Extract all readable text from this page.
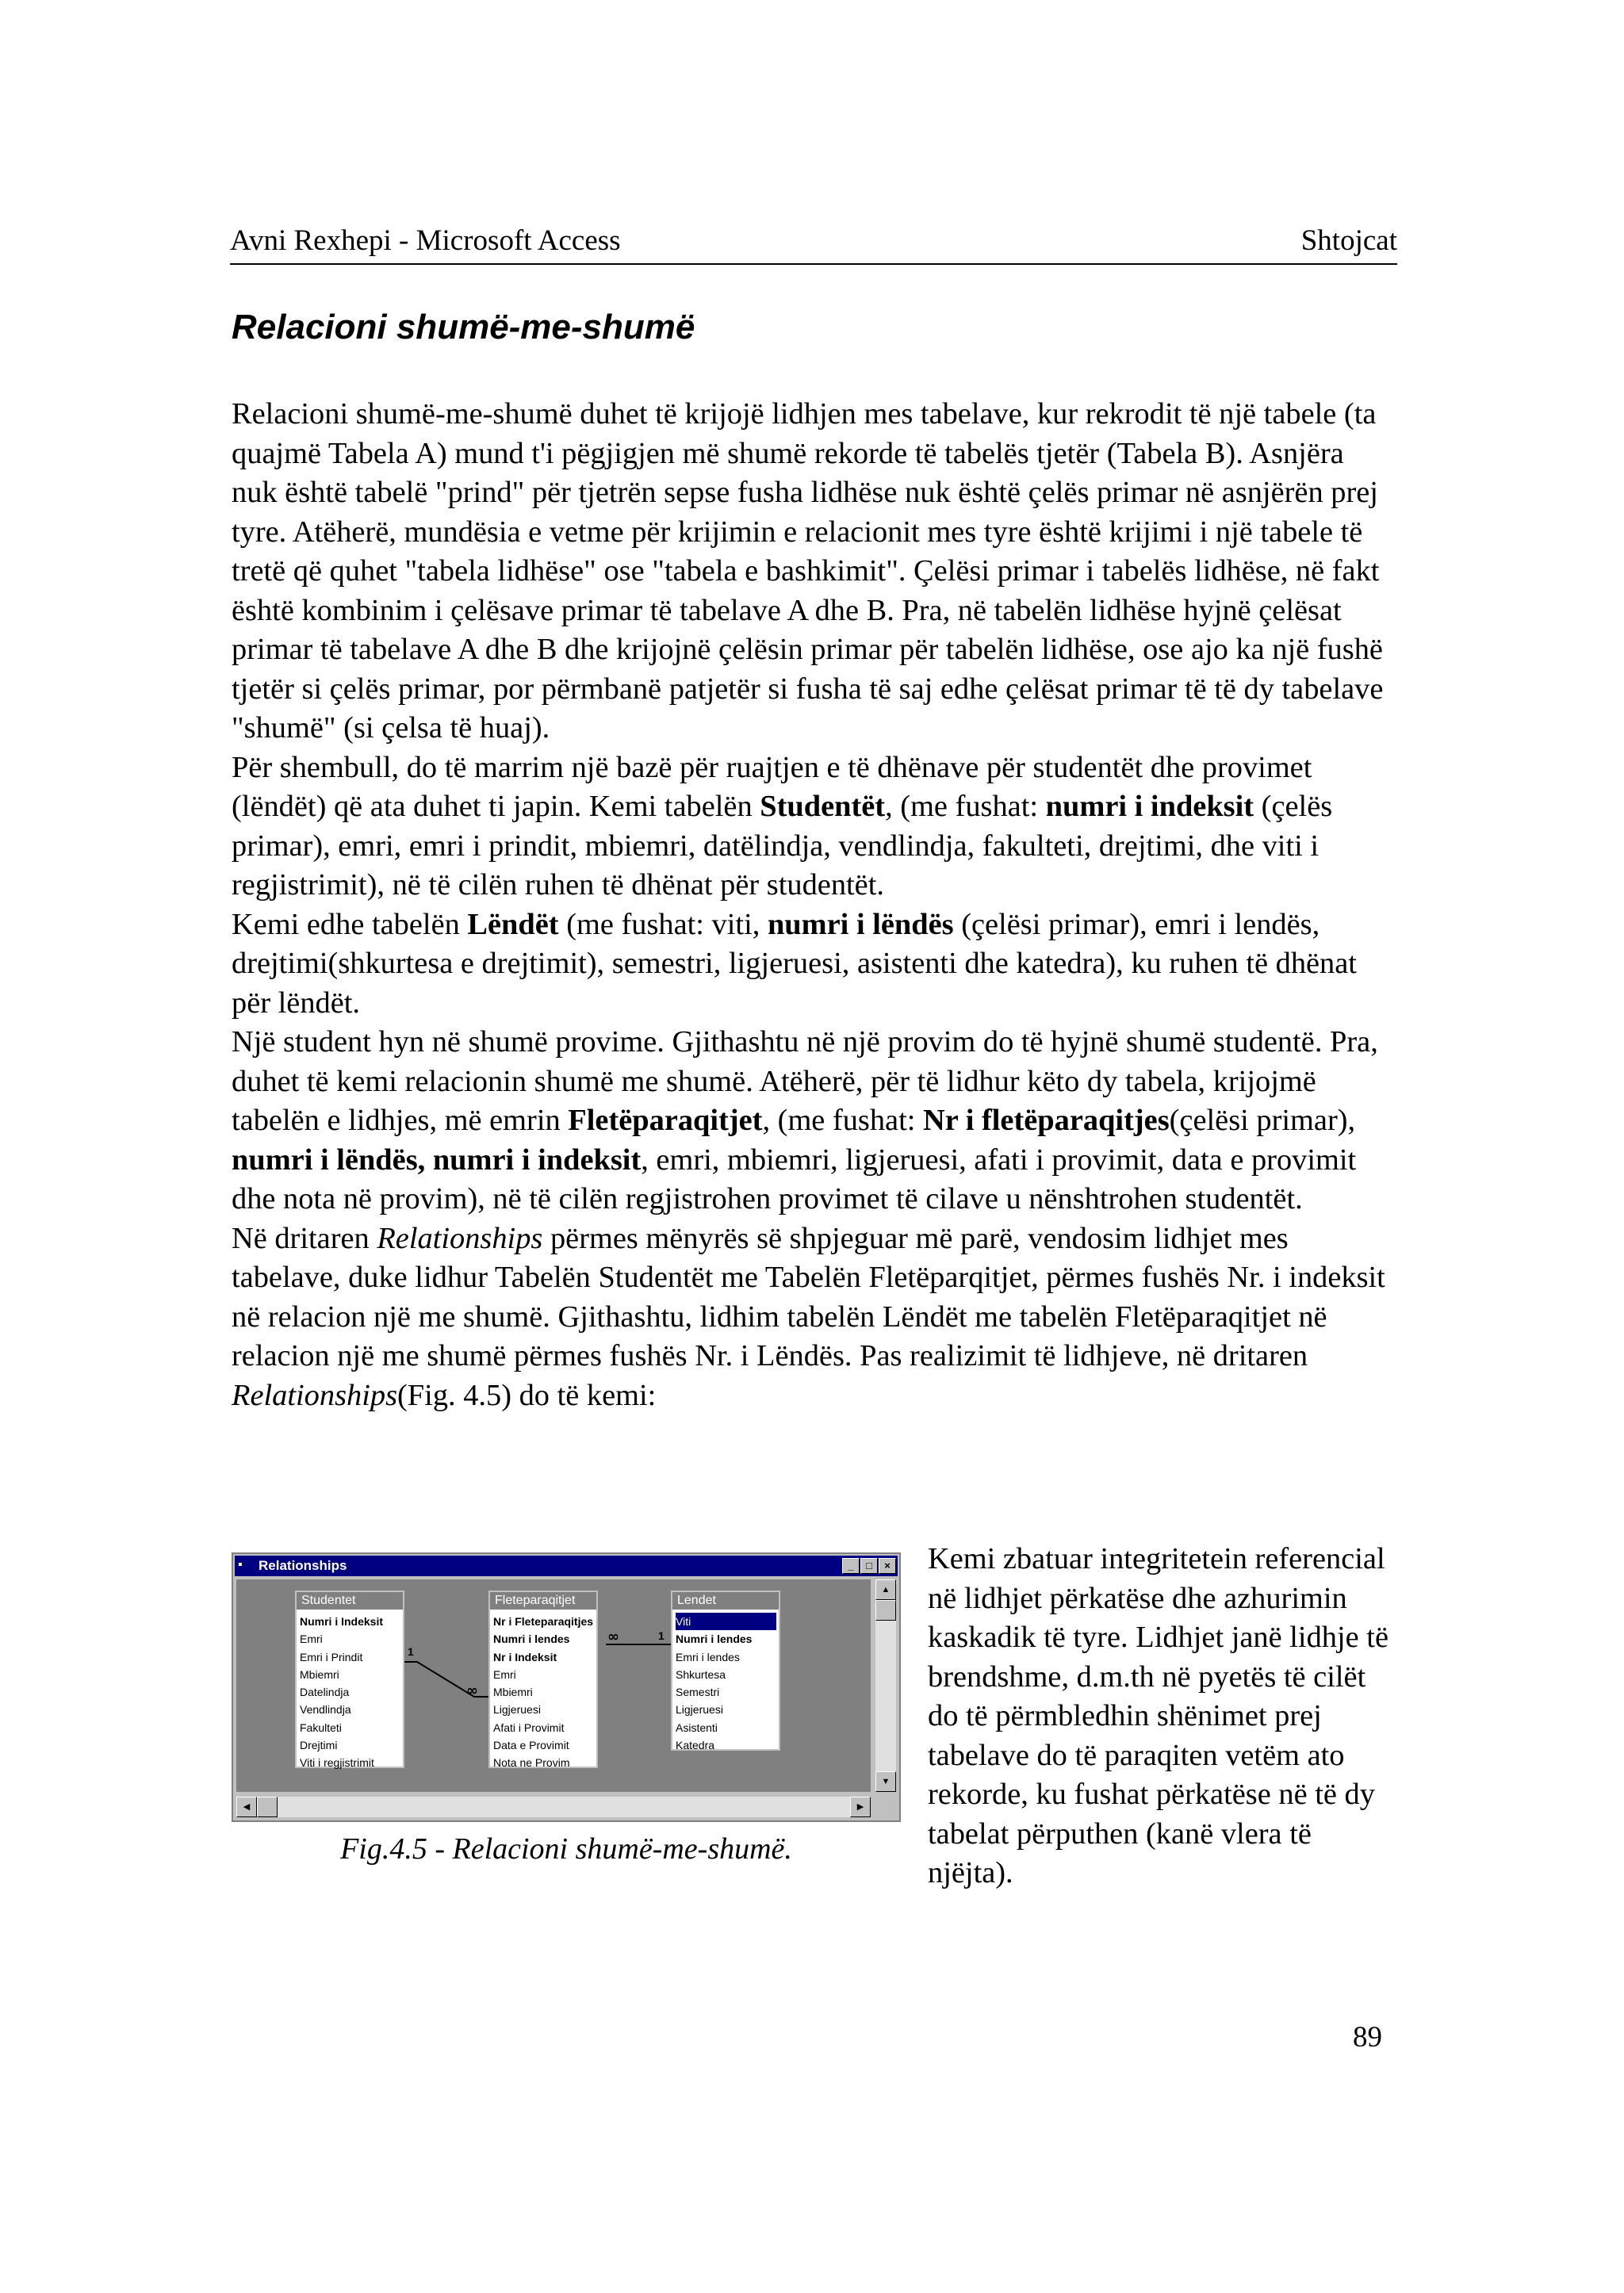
Avni Rexhepi - Microsoft Access	Shtojcat
Relacioni shumë-me-shumë

Relacioni shumë-me-shumë duhet të krijojë lidhjen mes tabelave, kur rekrodit të një tabele (ta quajmë Tabela A) mund t'i pëgjigjen më shumë rekorde të tabelës tjetër (Tabela B). Asnjëra nuk është tabelë "prind" për tjetrën sepse fusha lidhëse nuk është çelës primar në asnjërën prej tyre. Atëherë, mundësia e vetme për krijimin e relacionit mes tyre është krijimi i një tabele të tretë që quhet "tabela lidhëse" ose "tabela e bashkimit". Çelësi primar i tabelës lidhëse, në fakt është kombinim i çelësave primar të tabelave A dhe B. Pra, në tabelën lidhëse hyjnë çelësat primar të tabelave A dhe B dhe krijojnë çelësin primar për tabelën lidhëse, ose ajo ka një fushë tjetër si çelës primar, por përmbanë patjetër si fusha të saj edhe çelësat primar të të dy tabelave "shumë" (si çelsa të huaj).

Për shembull, do të marrim një bazë për ruajtjen e të dhënave për studentët dhe provimet (lëndët) që ata duhet ti japin. Kemi tabelën Studentët, (me fushat: numri i indeksit (çelës primar), emri, emri i prindit, mbiemri, datëlindja, vendlindja, fakulteti, drejtimi, dhe viti i regjistrimit), në të cilën ruhen të dhënat për studentët.

Kemi edhe tabelën Lëndët (me fushat: viti, numri i lëndës (çelësi primar), emri i lendës, drejtimi(shkurtesa e drejtimit), semestri, ligjeruesi, asistenti dhe katedra), ku ruhen të dhënat për lëndët.

Një student hyn në shumë provime. Gjithashtu në një provim do të hyjnë shumë studentë. Pra, duhet të kemi relacionin shumë me shumë. Atëherë, për të lidhur këto dy tabela, krijojmë tabelën e lidhjes, më emrin Fletëparaqitjet, (me fushat: Nr i fletëparaqitjes(çelësi primar), numri i lëndës, numri i indeksit, emri, mbiemri, ligjeruesi, afati i provimit, data e provimit dhe nota në provim), në të cilën regjistrohen provimet të cilave u nënshtrohen studentët.

Në dritaren Relationships përmes mënyrës së shpjeguar më parë, vendosim lidhjet mes tabelave, duke lidhur Tabelën Studentët me Tabelën Fletëparqitjet, përmes fushës Nr. i indeksit në relacion një me shumë. Gjithashtu, lidhim tabelën Lëndët me tabelën Fletëparaqitjet në relacion një me shumë përmes fushës Nr. i Lëndës. Pas realizimit të lidhjeve, në dritaren Relationships(Fig. 4.5) do të kemi:

▪ Relationships	_	□	×
1
∞
∞	1
Studentet
Numri i Indeksit
Emri
Emri i Prindit
Mbiemri
Datelindja
Vendlindja
Fakulteti
Drejtimi
Viti i regjistrimit
Fleteparaqitjet
Nr i Fleteparaqitjes
Numri i lendes
Nr i Indeksit
Emri
Mbiemri
Ligjeruesi
Afati i Provimit
Data e Provimit
Nota ne Provim
Lendet
Viti
Numri i lendes
Emri i lendes
Shkurtesa
Semestri
Ligjeruesi
Asistenti
Katedra
▲
▼
◀	▶
Fig.4.5 - Relacioni shumë-me-shumë.
Kemi zbatuar integritetein referencial në lidhjet përkatëse dhe azhurimin kaskadik të tyre. Lidhjet janë lidhje të brendshme, d.m.th në pyetës të cilët do të përmbledhin shënimet prej tabelave do të paraqiten vetëm ato rekorde, ku fushat përkatëse në të dy tabelat përputhen (kanë vlera të njëjta).
89
